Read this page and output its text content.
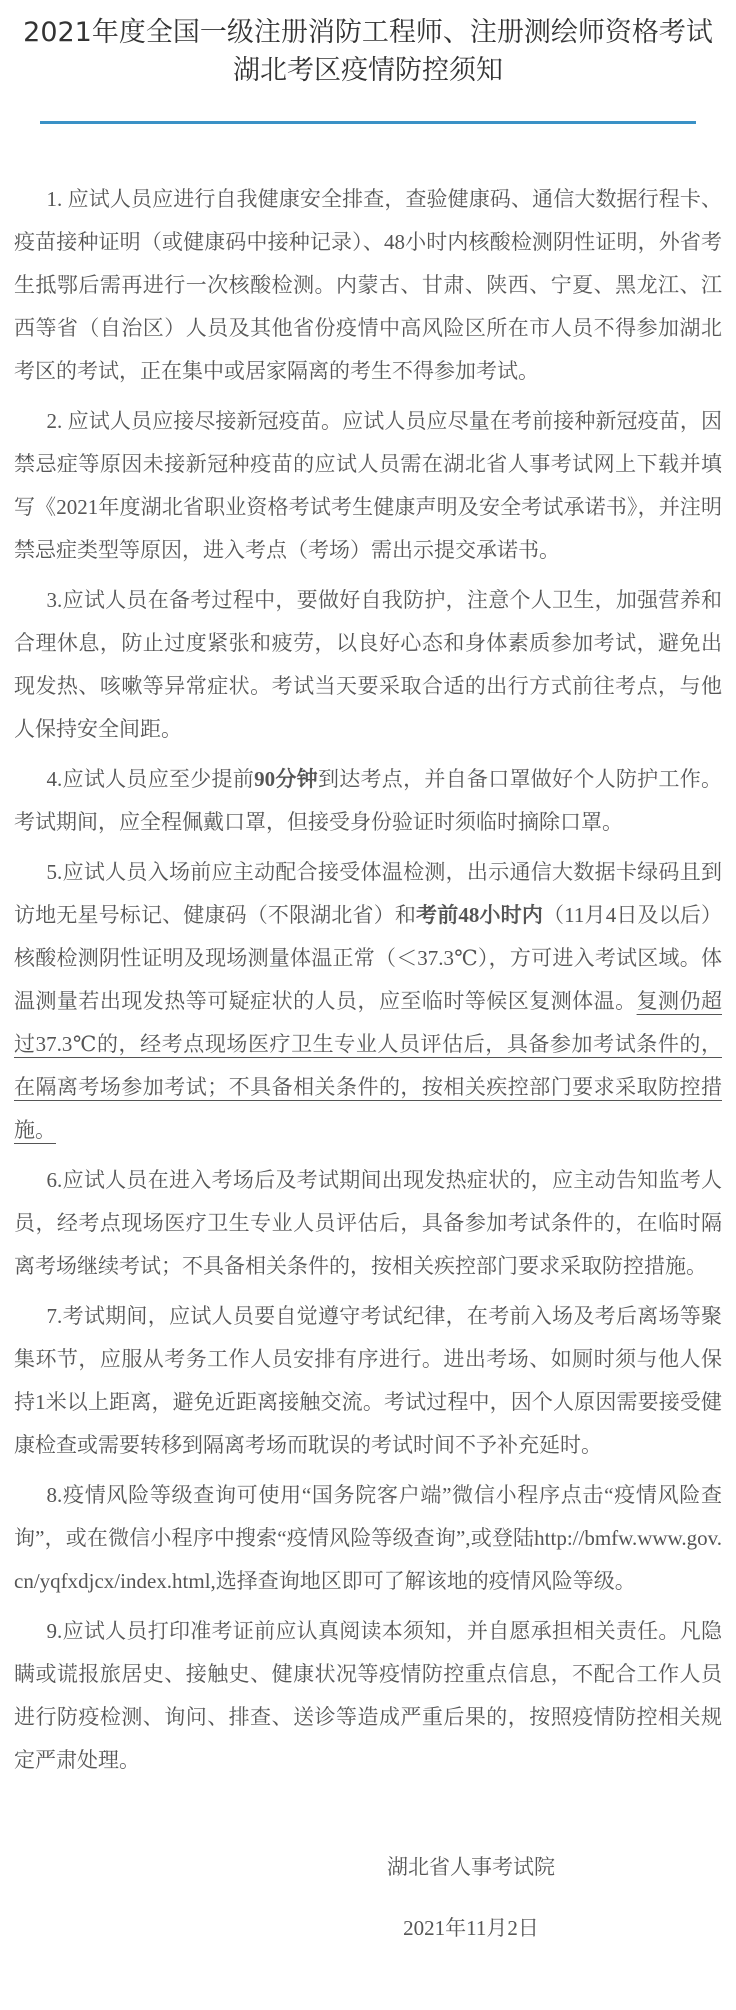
2021年度全国一级注册消防工程师、注册测绘师资格考试湖北考区疫情防控须知

1. 应试人员应进行自我健康安全排查，查验健康码、通信大数据行程卡、疫苗接种证明（或健康码中接种记录）、48小时内核酸检测阴性证明，外省考生抵鄂后需再进行一次核酸检测。内蒙古、甘肃、陕西、宁夏、黑龙江、江西等省（自治区）人员及其他省份疫情中高风险区所在市人员不得参加湖北考区的考试，正在集中或居家隔离的考生不得参加考试。

2. 应试人员应接尽接新冠疫苗。应试人员应尽量在考前接种新冠疫苗，因禁忌症等原因未接新冠种疫苗的应试人员需在湖北省人事考试网上下载并填写《2021年度湖北省职业资格考试考生健康声明及安全考试承诺书》，并注明禁忌症类型等原因，进入考点（考场）需出示提交承诺书。

3.应试人员在备考过程中，要做好自我防护，注意个人卫生，加强营养和合理休息，防止过度紧张和疲劳，以良好心态和身体素质参加考试，避免出现发热、咳嗽等异常症状。考试当天要采取合适的出行方式前往考点，与他人保持安全间距。

4.应试人员应至少提前90分钟到达考点，并自备口罩做好个人防护工作。考试期间，应全程佩戴口罩，但接受身份验证时须临时摘除口罩。

5.应试人员入场前应主动配合接受体温检测，出示通信大数据卡绿码且到访地无星号标记、健康码（不限湖北省）和考前48小时内（11月4日及以后）核酸检测阴性证明及现场测量体温正常（＜37.3℃），方可进入考试区域。体温测量若出现发热等可疑症状的人员，应至临时等候区复测体温。复测仍超过37.3℃的，经考点现场医疗卫生专业人员评估后，具备参加考试条件的，在隔离考场参加考试；不具备相关条件的，按相关疾控部门要求采取防控措施。

6.应试人员在进入考场后及考试期间出现发热症状的，应主动告知监考人员，经考点现场医疗卫生专业人员评估后，具备参加考试条件的，在临时隔离考场继续考试；不具备相关条件的，按相关疾控部门要求采取防控措施。

7.考试期间，应试人员要自觉遵守考试纪律，在考前入场及考后离场等聚集环节，应服从考务工作人员安排有序进行。进出考场、如厕时须与他人保持1米以上距离，避免近距离接触交流。考试过程中，因个人原因需要接受健康检查或需要转移到隔离考场而耽误的考试时间不予补充延时。

8.疫情风险等级查询可使用“国务院客户端”微信小程序点击“疫情风险查询”，或在微信小程序中搜索“疫情风险等级查询”,或登陆http://bmfw.www.gov.cn/yqfxdjcx/index.html,选择查询地区即可了解该地的疫情风险等级。

9.应试人员打印准考证前应认真阅读本须知，并自愿承担相关责任。凡隐瞒或谎报旅居史、接触史、健康状况等疫情防控重点信息，不配合工作人员进行防疫检测、询问、排查、送诊等造成严重后果的，按照疫情防控相关规定严肃处理。

湖北省人事考试院
2021年11月2日
